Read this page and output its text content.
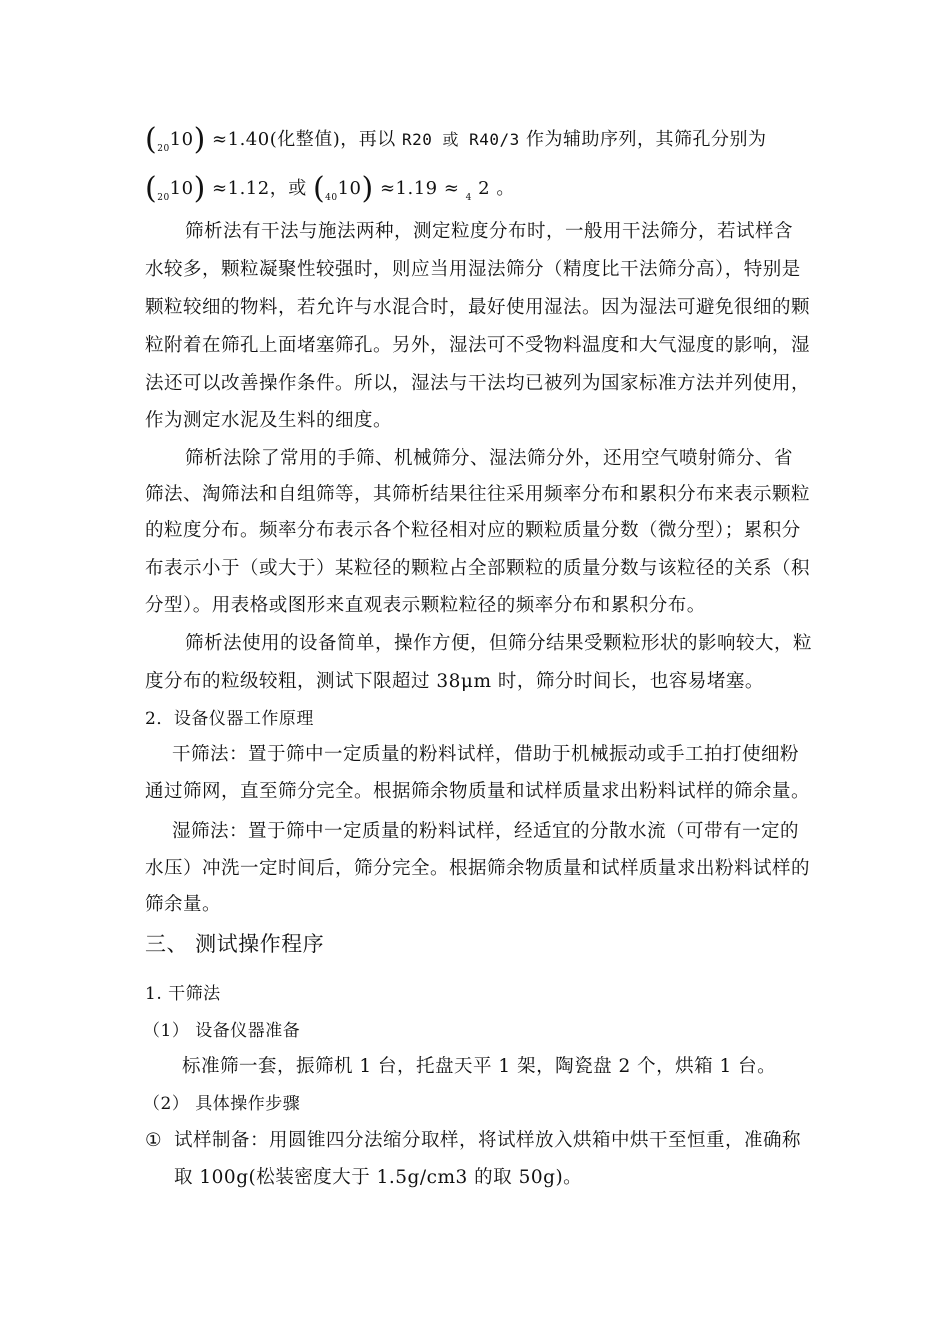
$(_{20}10) \approx 1.40$(化整值)，再以 R20 或 R40/3 作为辅助序列，其筛孔分别为
$(_{20}10) \approx 1.12$，或 $(_{40}10) \approx 1.19 \approx _4$ 2 。
筛析法有干法与施法两种，测定粒度分布时，一般用干法筛分，若试样含
水较多，颗粒凝聚性较强时，则应当用湿法筛分（精度比干法筛分高），特别是
颗粒较细的物料，若允许与水混合时，最好使用湿法。因为湿法可避免很细的颗
粒附着在筛孔上面堵塞筛孔。另外，湿法可不受物料温度和大气湿度的影响，湿
法还可以改善操作条件。所以，湿法与干法均已被列为国家标准方法并列使用，
作为测定水泥及生料的细度。
筛析法除了常用的手筛、机械筛分、湿法筛分外，还用空气喷射筛分、省
筛法、淘筛法和自组筛等，其筛析结果往往采用频率分布和累积分布来表示颗粒
的粒度分布。频率分布表示各个粒径相对应的颗粒质量分数（微分型）；累积分
布表示小于（或大于）某粒径的颗粒占全部颗粒的质量分数与该粒径的关系（积
分型）。用表格或图形来直观表示颗粒粒径的频率分布和累积分布。
筛析法使用的设备简单，操作方便，但筛分结果受颗粒形状的影响较大，粒
度分布的粒级较粗，测试下限超过 38μm 时，筛分时间长，也容易堵塞。
2．设备仪器工作原理
干筛法：置于筛中一定质量的粉料试样，借助于机械振动或手工拍打使细粉
通过筛网，直至筛分完全。根据筛余物质量和试样质量求出粉料试样的筛余量。
湿筛法：置于筛中一定质量的粉料试样，经适宜的分散水流（可带有一定的
水压）冲洗一定时间后，筛分完全。根据筛余物质量和试样质量求出粉料试样的
筛余量。
三、 测试操作程序
1. 干筛法
（1） 设备仪器准备
标准筛一套，振筛机 1 台，托盘天平 1 架，陶瓷盘 2 个，烘箱 1 台。
（2） 具体操作步骤
① 试样制备：用圆锥四分法缩分取样，将试样放入烘箱中烘干至恒重，准确称
取 100g(松装密度大于 1.5g/cm3 的取 50g)。
